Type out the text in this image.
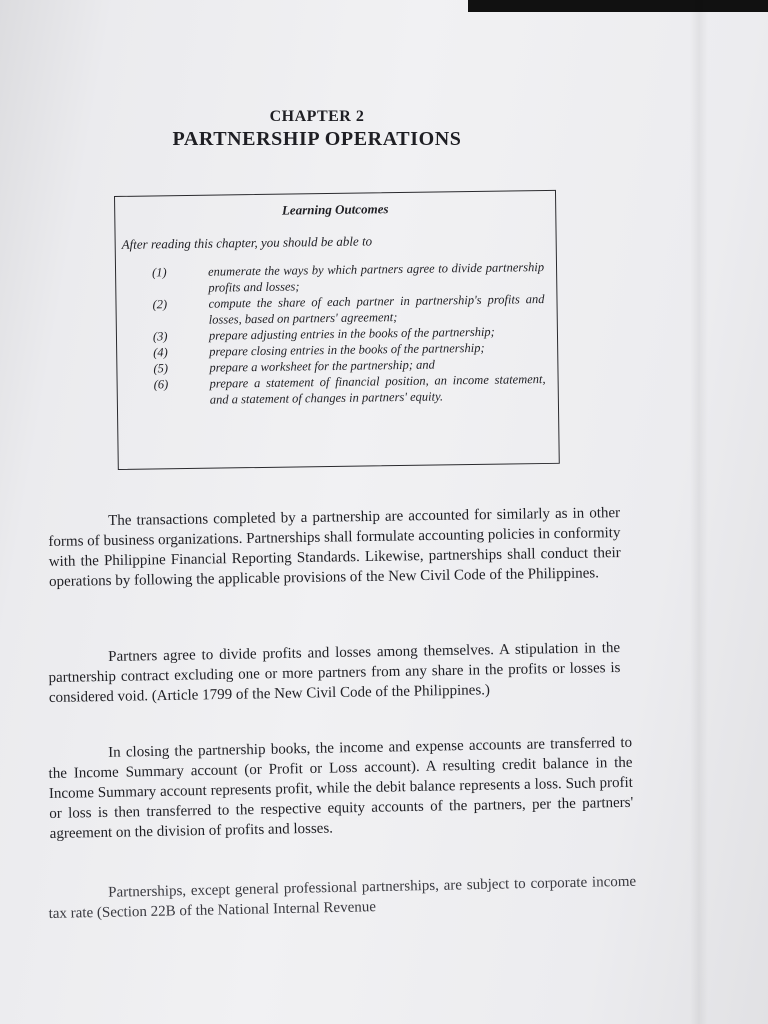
CHAPTER 2
PARTNERSHIP OPERATIONS
Learning Outcomes
After reading this chapter, you should be able to
(1)	enumerate the ways by which partners agree to divide partnership profits and losses;
(2)	compute the share of each partner in partnership's profits and losses, based on partners' agreement;
(3)	prepare adjusting entries in the books of the partnership;
(4)	prepare closing entries in the books of the partnership;
(5)	prepare a worksheet for the partnership; and
(6)	prepare a statement of financial position, an income statement, and a statement of changes in partners' equity.

The transactions completed by a partnership are accounted for similarly as in other forms of business organizations. Partnerships shall formulate accounting policies in conformity with the Philippine Financial Reporting Standards. Likewise, partnerships shall conduct their operations by following the applicable provisions of the New Civil Code of the Philippines.

Partners agree to divide profits and losses among themselves. A stipulation in the partnership contract excluding one or more partners from any share in the profits or losses is considered void. (Article 1799 of the New Civil Code of the Philippines.)

In closing the partnership books, the income and expense accounts are transferred to the Income Summary account (or Profit or Loss account). A resulting credit balance in the Income Summary account represents profit, while the debit balance represents a loss. Such profit or loss is then transferred to the respective equity accounts of the partners, per the partners' agreement on the division of profits and losses.

Partnerships, except general professional partnerships, are subject to corporate income tax rate (Section 22B of the National Internal Revenue
